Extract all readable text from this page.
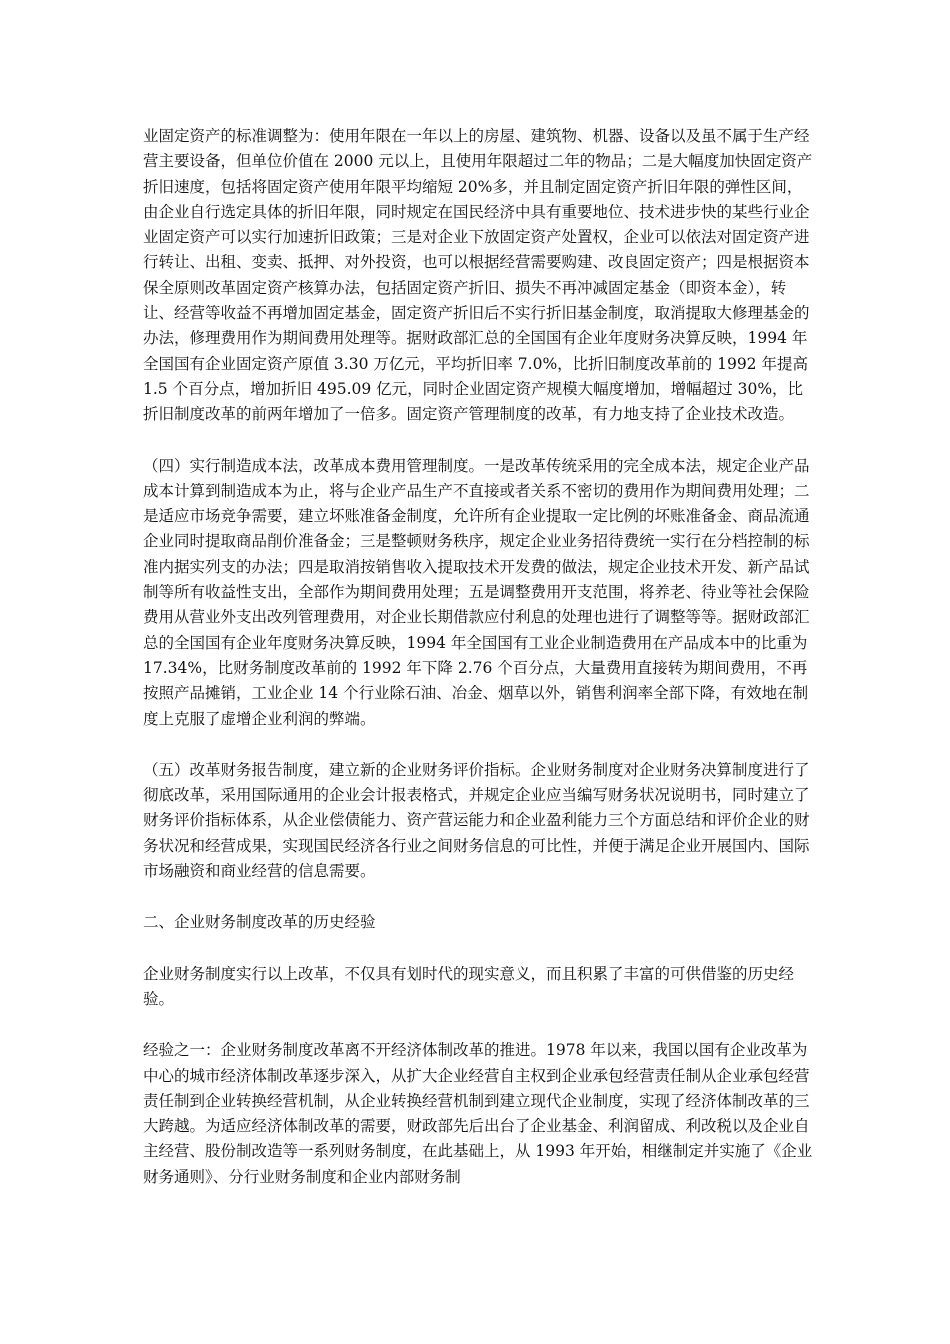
业固定资产的标准调整为：使用年限在一年以上的房屋、建筑物、机器、设备以及虽不属于生产经营主要设备，但单位价值在 2000 元以上，且使用年限超过二年的物品；二是大幅度加快固定资产折旧速度，包括将固定资产使用年限平均缩短 20%多，并且制定固定资产折旧年限的弹性区间，由企业自行选定具体的折旧年限，同时规定在国民经济中具有重要地位、技术进步快的某些行业企业固定资产可以实行加速折旧政策；三是对企业下放固定资产处置权，企业可以依法对固定资产进行转让、出租、变卖、抵押、对外投资，也可以根据经营需要购建、改良固定资产；四是根据资本保全原则改革固定资产核算办法，包括固定资产折旧、损失不再冲减固定基金（即资本金），转让、经营等收益不再增加固定基金，固定资产折旧后不实行折旧基金制度，取消提取大修理基金的办法，修理费用作为期间费用处理等。据财政部汇总的全国国有企业年度财务决算反映，1994 年全国国有企业固定资产原值 3.30 万亿元，平均折旧率 7.0%，比折旧制度改革前的 1992 年提高 1.5 个百分点，增加折旧 495.09 亿元，同时企业固定资产规模大幅度增加，增幅超过 30%，比折旧制度改革的前两年增加了一倍多。固定资产管理制度的改革，有力地支持了企业技术改造。

（四）实行制造成本法，改革成本费用管理制度。一是改革传统采用的完全成本法，规定企业产品成本计算到制造成本为止，将与企业产品生产不直接或者关系不密切的费用作为期间费用处理；二是适应市场竞争需要，建立坏账准备金制度，允许所有企业提取一定比例的坏账准备金、商品流通企业同时提取商品削价准备金；三是整顿财务秩序，规定企业业务招待费统一实行在分档控制的标准内据实列支的办法；四是取消按销售收入提取技术开发费的做法，规定企业技术开发、新产品试制等所有收益性支出，全部作为期间费用处理；五是调整费用开支范围，将养老、待业等社会保险费用从营业外支出改列管理费用，对企业长期借款应付利息的处理也进行了调整等等。据财政部汇总的全国国有企业年度财务决算反映，1994 年全国国有工业企业制造费用在产品成本中的比重为 17.34%，比财务制度改革前的 1992 年下降 2.76 个百分点，大量费用直接转为期间费用，不再按照产品摊销，工业企业 14 个行业除石油、冶金、烟草以外，销售利润率全部下降，有效地在制度上克服了虚增企业利润的弊端。

（五）改革财务报告制度，建立新的企业财务评价指标。企业财务制度对企业财务决算制度进行了彻底改革，采用国际通用的企业会计报表格式，并规定企业应当编写财务状况说明书，同时建立了财务评价指标体系，从企业偿债能力、资产营运能力和企业盈利能力三个方面总结和评价企业的财务状况和经营成果，实现国民经济各行业之间财务信息的可比性，并便于满足企业开展国内、国际市场融资和商业经营的信息需要。

二、企业财务制度改革的历史经验

企业财务制度实行以上改革，不仅具有划时代的现实意义，而且积累了丰富的可供借鉴的历史经验。

经验之一：企业财务制度改革离不开经济体制改革的推进。1978 年以来，我国以国有企业改革为中心的城市经济体制改革逐步深入，从扩大企业经营自主权到企业承包经营责任制从企业承包经营责任制到企业转换经营机制，从企业转换经营机制到建立现代企业制度，实现了经济体制改革的三大跨越。为适应经济体制改革的需要，财政部先后出台了企业基金、利润留成、利改税以及企业自主经营、股份制改造等一系列财务制度，在此基础上，从 1993 年开始，相继制定并实施了《企业财务通则》、分行业财务制度和企业内部财务制
